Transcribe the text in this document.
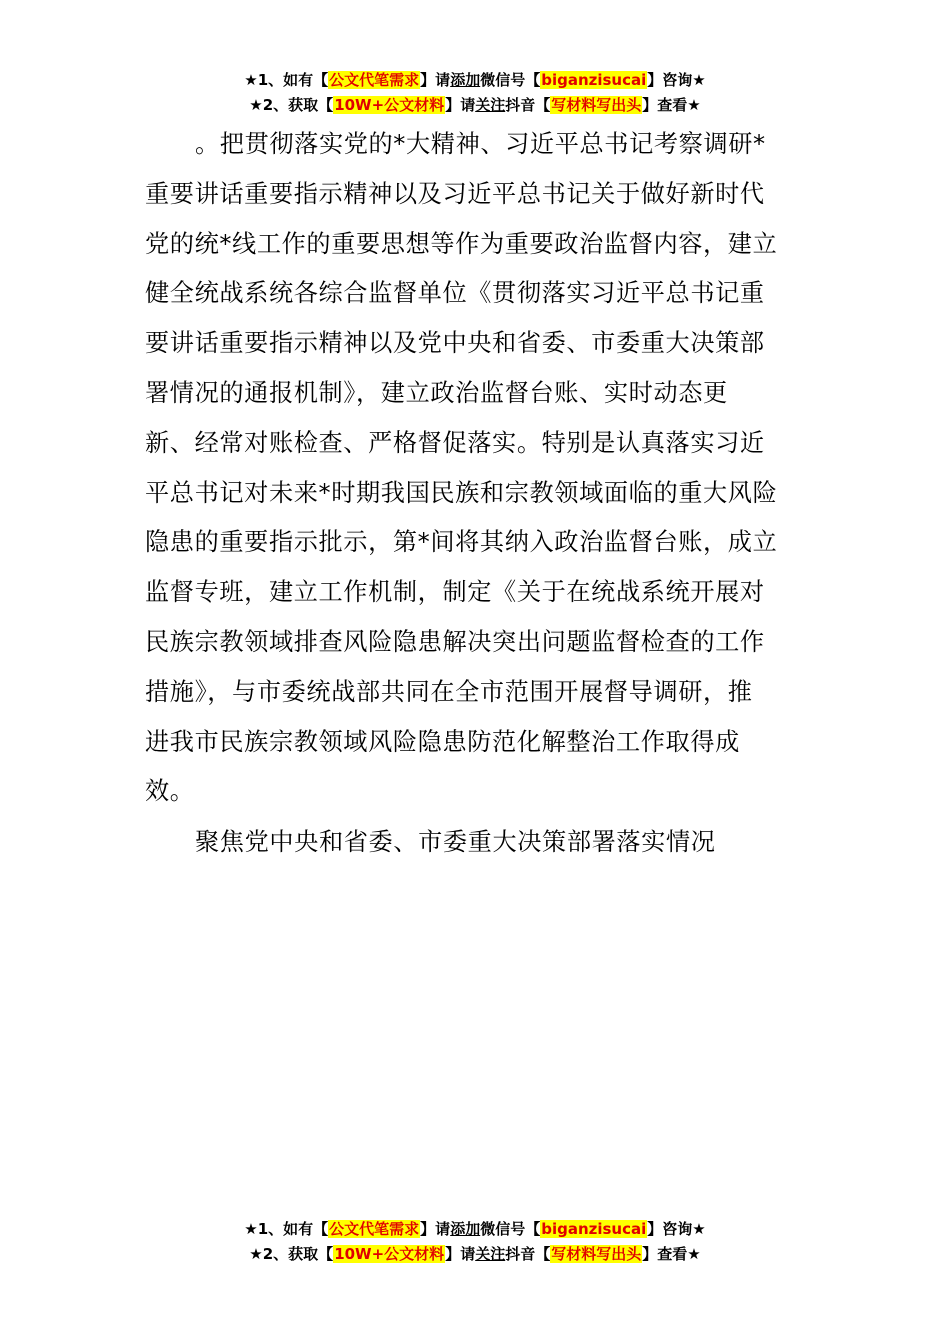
★1、如有【公文代笔需求】请添加微信号【biganzisucai】咨询★
★2、获取【10W+公文材料】请关注抖音【写材料写出头】查看★
。把贯彻落实党的*大精神、习近平总书记考察调研*
重要讲话重要指示精神以及习近平总书记关于做好新时代
党的统*线工作的重要思想等作为重要政治监督内容，建立
健全统战系统各综合监督单位《贯彻落实习近平总书记重
要讲话重要指示精神以及党中央和省委、市委重大决策部
署情况的通报机制》，建立政治监督台账、实时动态更
新、经常对账检查、严格督促落实。特别是认真落实习近
平总书记对未来*时期我国民族和宗教领域面临的重大风险
隐患的重要指示批示，第*间将其纳入政治监督台账，成立
监督专班，建立工作机制，制定《关于在统战系统开展对
民族宗教领域排查风险隐患解决突出问题监督检查的工作
措施》，与市委统战部共同在全市范围开展督导调研，推
进我市民族宗教领域风险隐患防范化解整治工作取得成
效。
聚焦党中央和省委、市委重大决策部署落实情况
★1、如有【公文代笔需求】请添加微信号【biganzisucai】咨询★
★2、获取【10W+公文材料】请关注抖音【写材料写出头】查看★
